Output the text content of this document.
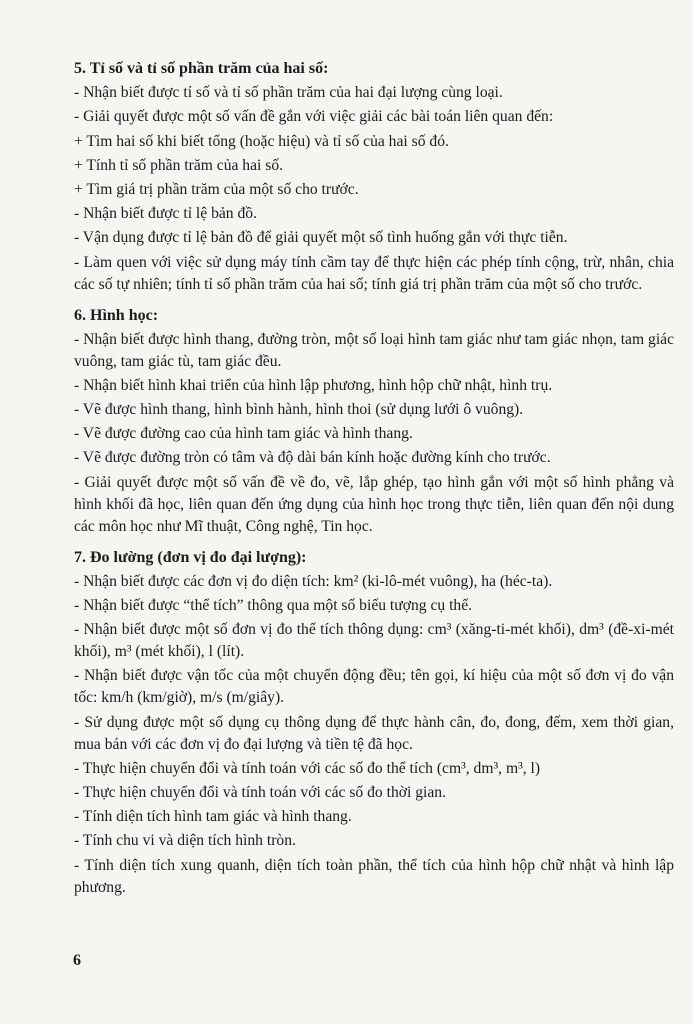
5. Tỉ số và tỉ số phần trăm của hai số:
- Nhận biết được tỉ số và tỉ số phần trăm của hai đại lượng cùng loại.
- Giải quyết được một số vấn đề gắn với việc giải các bài toán liên quan đến:
+ Tìm hai số khi biết tổng (hoặc hiệu) và tỉ số của hai số đó.
+ Tính tỉ số phần trăm của hai số.
+ Tìm giá trị phần trăm của một số cho trước.
- Nhận biết được tỉ lệ bản đồ.
- Vận dụng được tỉ lệ bản đồ để giải quyết một số tình huống gắn với thực tiễn.
- Làm quen với việc sử dụng máy tính cầm tay để thực hiện các phép tính cộng, trừ, nhân, chia các số tự nhiên; tính tỉ số phần trăm của hai số; tính giá trị phần trăm của một số cho trước.
6. Hình học:
- Nhận biết được hình thang, đường tròn, một số loại hình tam giác như tam giác nhọn, tam giác vuông, tam giác tù, tam giác đều.
- Nhận biết hình khai triển của hình lập phương, hình hộp chữ nhật, hình trụ.
- Vẽ được hình thang, hình bình hành, hình thoi (sử dụng lưới ô vuông).
- Vẽ được đường cao của hình tam giác và hình thang.
- Vẽ được đường tròn có tâm và độ dài bán kính hoặc đường kính cho trước.
- Giải quyết được một số vấn đề về đo, vẽ, lắp ghép, tạo hình gắn với một số hình phẳng và hình khối đã học, liên quan đến ứng dụng của hình học trong thực tiễn, liên quan đến nội dung các môn học như Mĩ thuật, Công nghệ, Tin học.
7. Đo lường (đơn vị đo đại lượng):
- Nhận biết được các đơn vị đo diện tích: km² (ki-lô-mét vuông), ha (héc-ta).
- Nhận biết được “thể tích” thông qua một số biểu tượng cụ thể.
- Nhận biết được một số đơn vị đo thể tích thông dụng: cm³ (xăng-ti-mét khối), dm³ (đề-xi-mét khối), m³ (mét khối), l (lít).
- Nhận biết được vận tốc của một chuyển động đều; tên gọi, kí hiệu của một số đơn vị đo vận tốc: km/h (km/giờ), m/s (m/giây).
- Sử dụng được một số dụng cụ thông dụng để thực hành cân, đo, đong, đếm, xem thời gian, mua bán với các đơn vị đo đại lượng và tiền tệ đã học.
- Thực hiện chuyển đổi và tính toán với các số đo thể tích (cm³, dm³, m³, l)
- Thực hiện chuyển đổi và tính toán với các số đo thời gian.
- Tính diện tích hình tam giác và hình thang.
- Tính chu vi và diện tích hình tròn.
- Tính diện tích xung quanh, diện tích toàn phần, thể tích của hình hộp chữ nhật và hình lập phương.
6
